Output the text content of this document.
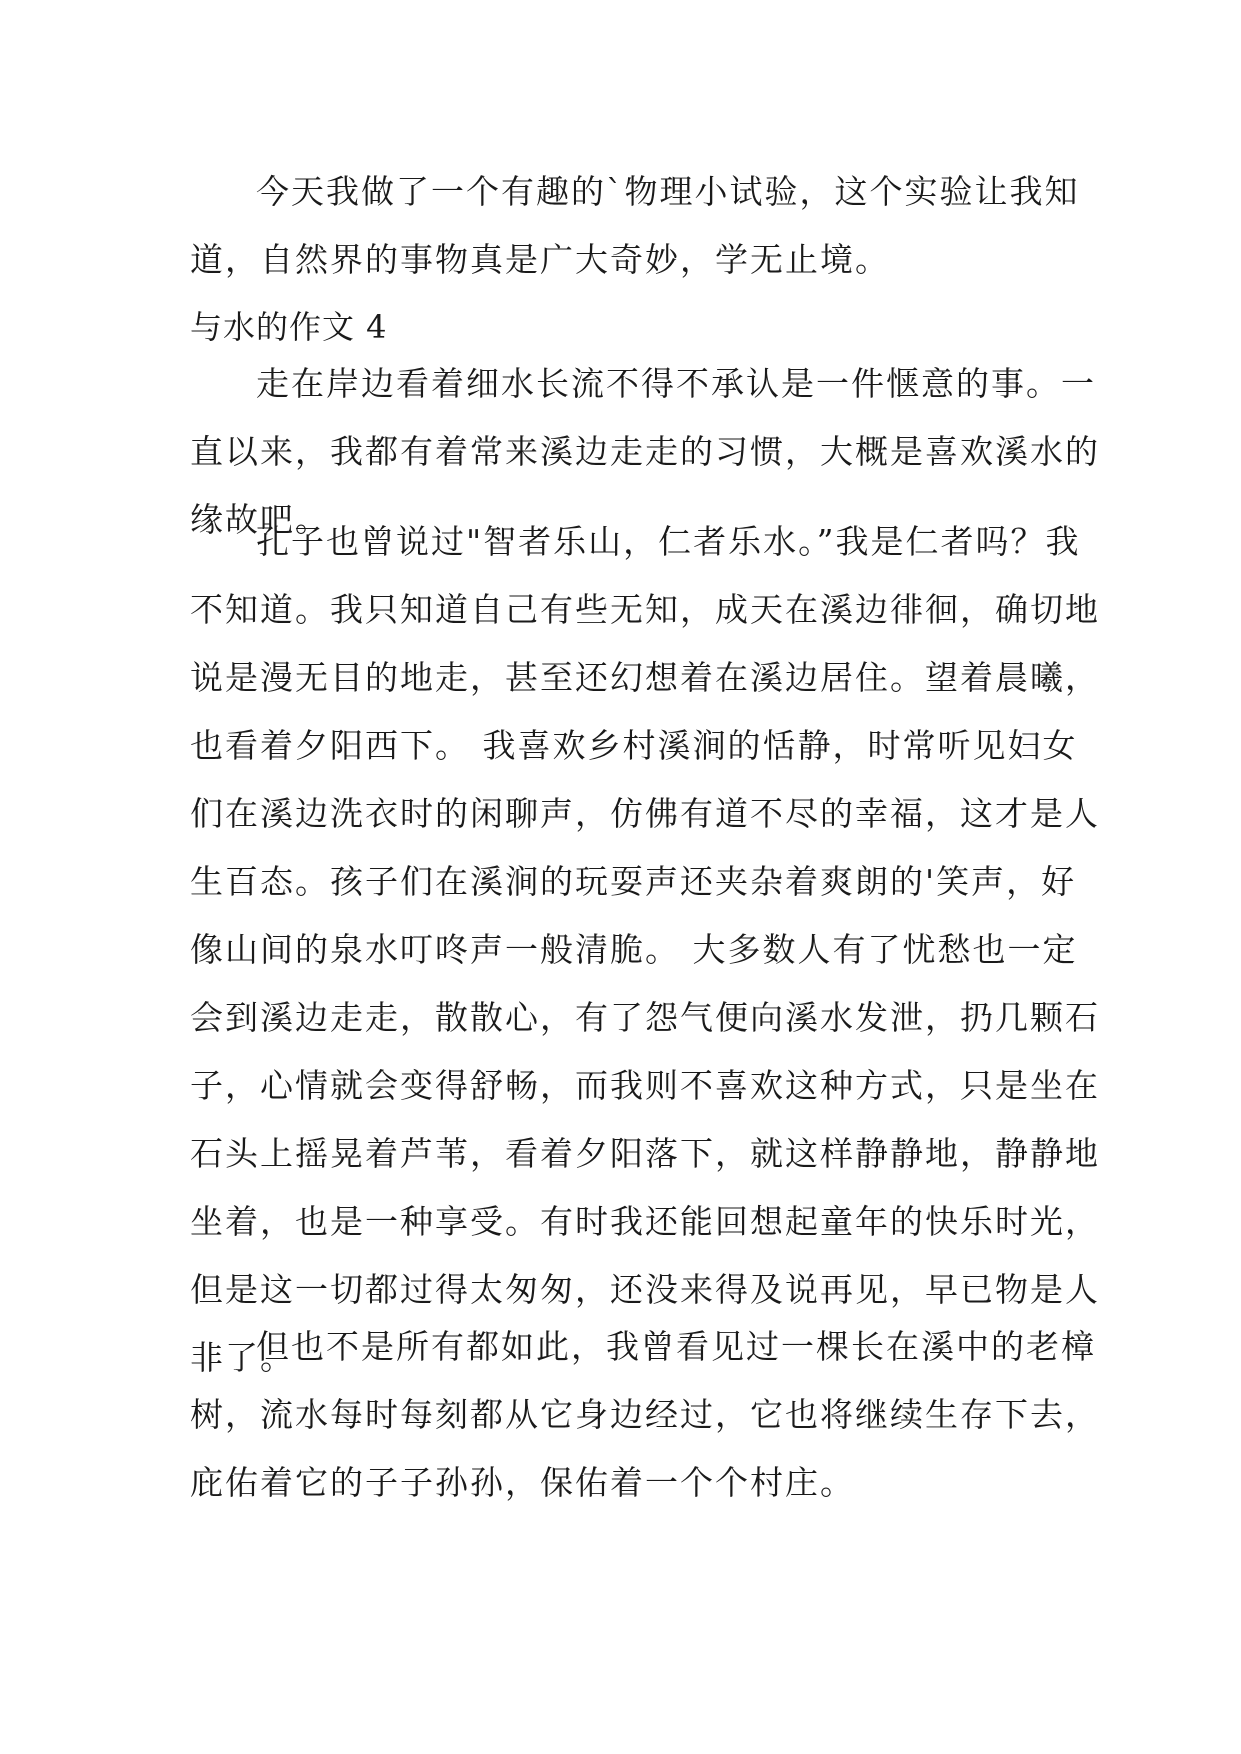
今天我做了一个有趣的`物理小试验，这个实验让我知
道，自然界的事物真是广大奇妙，学无止境。
与水的作文 4
走在岸边看着细水长流不得不承认是一件惬意的事。一
直以来，我都有着常来溪边走走的习惯，大概是喜欢溪水的
缘故吧。
孔子也曾说过"智者乐山，仁者乐水。”我是仁者吗？我
不知道。我只知道自己有些无知，成天在溪边徘徊，确切地
说是漫无目的地走，甚至还幻想着在溪边居住。望着晨曦，
也看着夕阳西下。 我喜欢乡村溪涧的恬静，时常听见妇女
们在溪边洗衣时的闲聊声，仿佛有道不尽的幸福，这才是人
生百态。孩子们在溪涧的玩耍声还夹杂着爽朗的'笑声，好
像山间的泉水叮咚声一般清脆。 大多数人有了忧愁也一定
会到溪边走走，散散心，有了怨气便向溪水发泄，扔几颗石
子，心情就会变得舒畅，而我则不喜欢这种方式，只是坐在
石头上摇晃着芦苇，看着夕阳落下，就这样静静地，静静地
坐着，也是一种享受。有时我还能回想起童年的快乐时光，
但是这一切都过得太匆匆，还没来得及说再见，早已物是人
非了。
但也不是所有都如此，我曾看见过一棵长在溪中的老樟
树，流水每时每刻都从它身边经过，它也将继续生存下去，
庇佑着它的子子孙孙，保佑着一个个村庄。
